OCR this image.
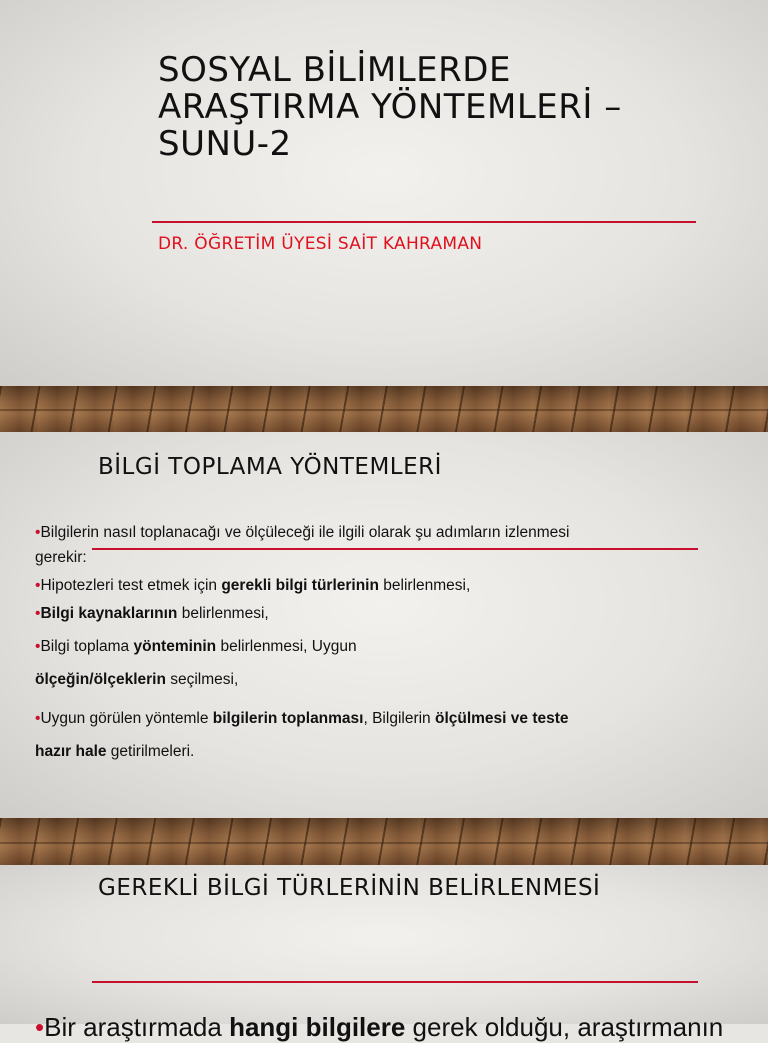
SOSYAL BİLİMLERDE
ARAŞTIRMA YÖNTEMLERİ –
SUNU-2

DR. ÖĞRETİM ÜYESİ SAİT KAHRAMAN

BİLGİ TOPLAMA YÖNTEMLERİ

•Bilgilerin nasıl toplanacağı ve ölçüleceği ile ilgili olarak şu adımların izlenmesi

gerekir:

•Hipotezleri test etmek için gerekli bilgi türlerinin belirlenmesi,

•Bilgi kaynaklarının belirlenmesi,

•Bilgi toplama yönteminin belirlenmesi, Uygun

ölçeğin/ölçeklerin seçilmesi,

•Uygun görülen yöntemle bilgilerin toplanması, Bilgilerin ölçülmesi ve teste

hazır hale getirilmeleri.

GEREKLİ BİLGİ TÜRLERİNİN BELİRLENMESİ

•Bir araştırmada hangi bilgilere gerek olduğu, araştırmanın
